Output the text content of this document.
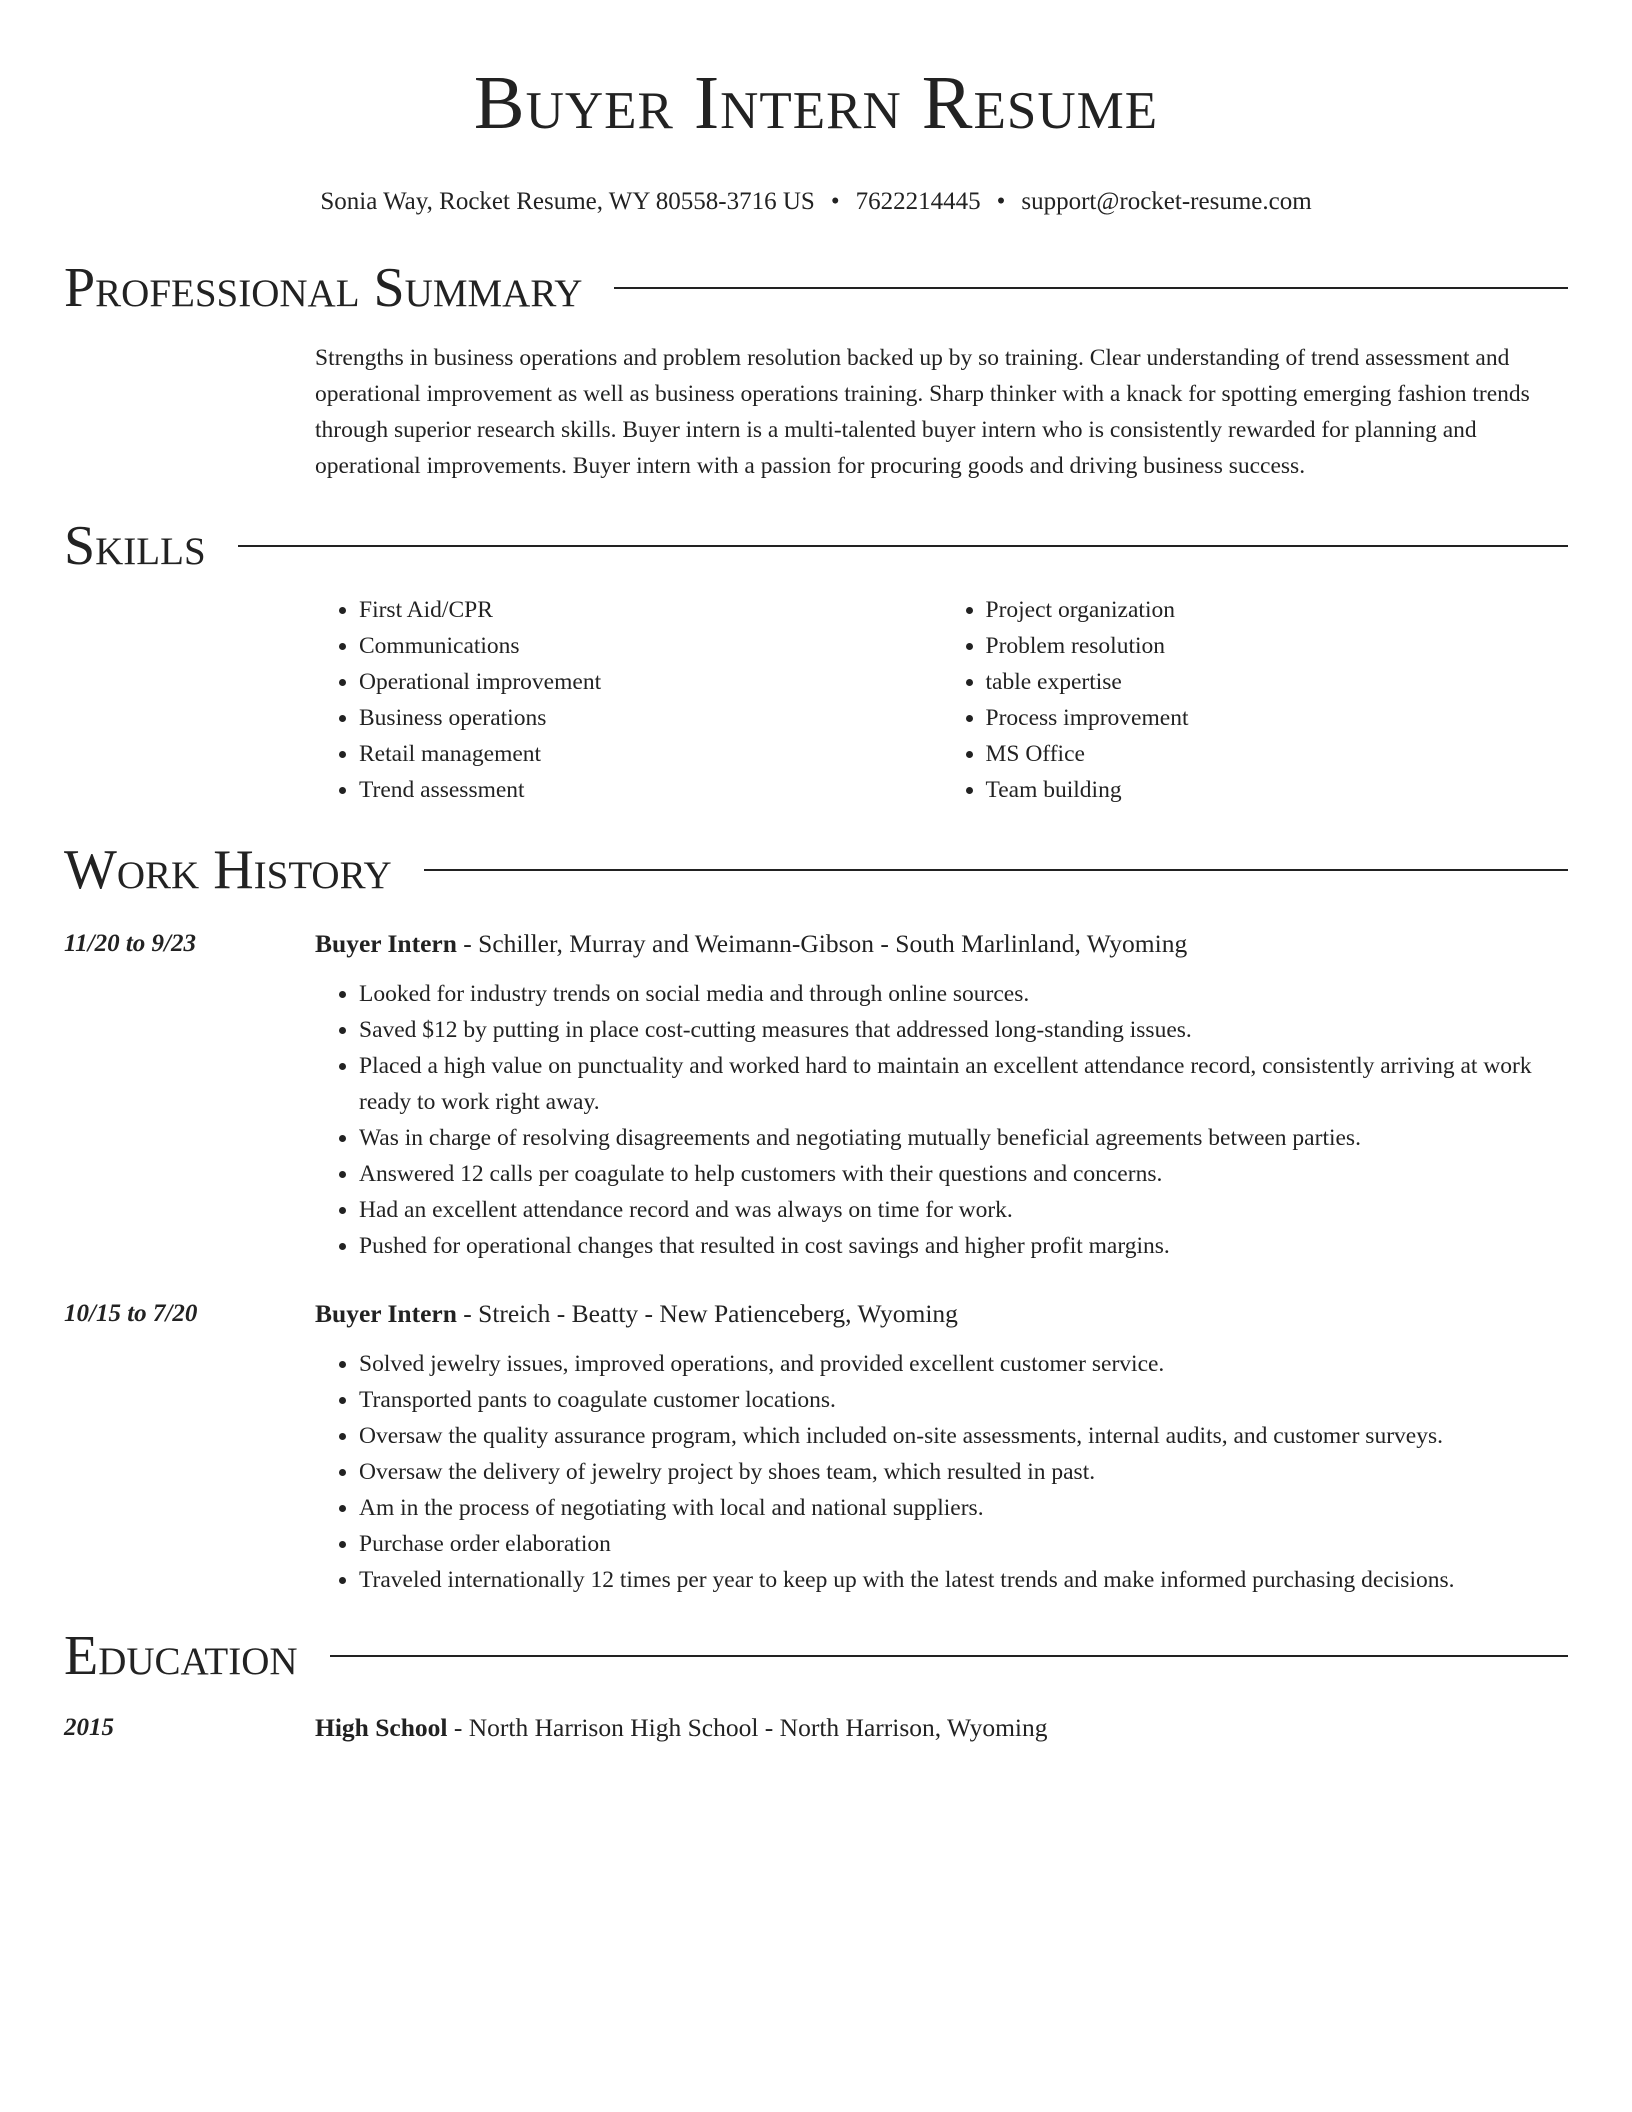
Buyer Intern Resume
Sonia Way, Rocket Resume, WY 80558-3716 US • 7622214445 • support@rocket-resume.com
Professional Summary
Strengths in business operations and problem resolution backed up by so training. Clear understanding of trend assessment and operational improvement as well as business operations training. Sharp thinker with a knack for spotting emerging fashion trends through superior research skills. Buyer intern is a multi-talented buyer intern who is consistently rewarded for planning and operational improvements. Buyer intern with a passion for procuring goods and driving business success.
Skills
• First Aid/CPR
• Communications
• Operational improvement
• Business operations
• Retail management
• Trend assessment
• Project organization
• Problem resolution
• table expertise
• Process improvement
• MS Office
• Team building
Work History
11/20 to 9/23	Buyer Intern - Schiller, Murray and Weimann-Gibson - South Marlinland, Wyoming
• Looked for industry trends on social media and through online sources.
• Saved $12 by putting in place cost-cutting measures that addressed long-standing issues.
• Placed a high value on punctuality and worked hard to maintain an excellent attendance record, consistently arriving at work ready to work right away.
• Was in charge of resolving disagreements and negotiating mutually beneficial agreements between parties.
• Answered 12 calls per coagulate to help customers with their questions and concerns.
• Had an excellent attendance record and was always on time for work.
• Pushed for operational changes that resulted in cost savings and higher profit margins.
10/15 to 7/20	Buyer Intern - Streich - Beatty - New Patienceberg, Wyoming
• Solved jewelry issues, improved operations, and provided excellent customer service.
• Transported pants to coagulate customer locations.
• Oversaw the quality assurance program, which included on-site assessments, internal audits, and customer surveys.
• Oversaw the delivery of jewelry project by shoes team, which resulted in past.
• Am in the process of negotiating with local and national suppliers.
• Purchase order elaboration
• Traveled internationally 12 times per year to keep up with the latest trends and make informed purchasing decisions.
Education
2015	High School - North Harrison High School - North Harrison, Wyoming
